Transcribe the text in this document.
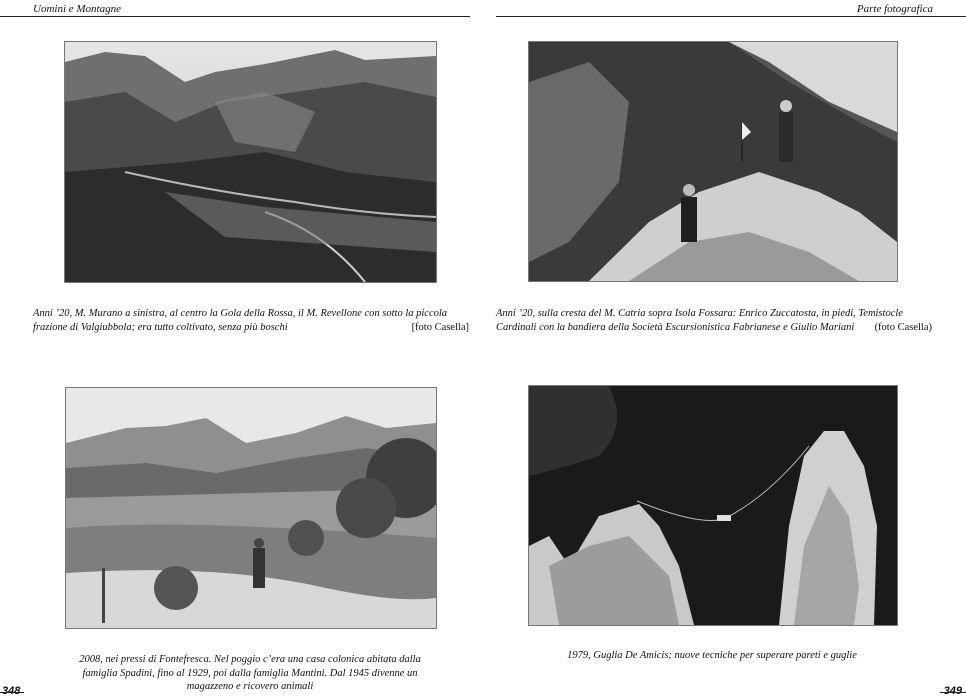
Uomini e Montagne	Parte fotografica
Anni ’20, M. Murano a sinistra, al centro la Gola della Rossa, il M. Revellone con sotto la piccola frazione di Valgiubbola; era tutto coltivato, senza più boschi	[foto Casella]
Anni ’20, sulla cresta del M. Catria sopra Isola Fossara: Enrico Zuccatosta, in piedi, Temistocle Cardinali con la bandiera della Società Escursionistica Fabrianese e Giulio Mariani (foto Casella)
2008, nei pressi di Fontefresca. Nel poggio c’era una casa colonica abitata dalla famiglia Spadini, fino al 1929, poi dalla famiglia Mantini. Dal 1945 divenne un magazzeno e ricovero animali
1979, Guglia De Amicis; nuove tecniche per superare pareti e guglie
348	349
